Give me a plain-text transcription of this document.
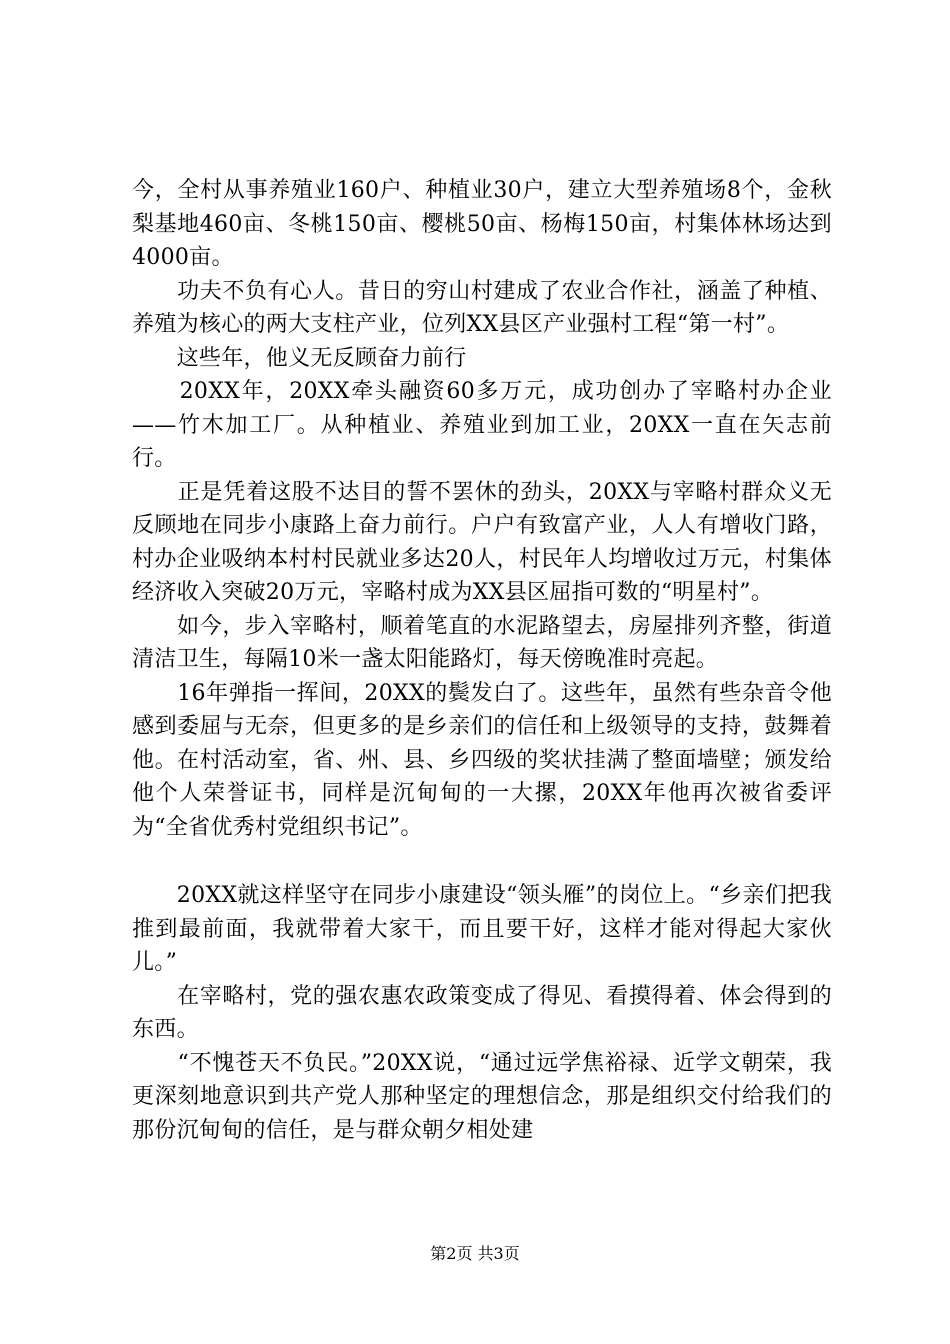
今，全村从事养殖业160户、种植业30户，建立大型养殖场8个，金秋梨基地460亩、冬桃150亩、樱桃50亩、杨梅150亩，村集体林场达到4000亩。

　　功夫不负有心人。昔日的穷山村建成了农业合作社，涵盖了种植、养殖为核心的两大支柱产业，位列XX县区产业强村工程“第一村”。

　　这些年，他义无反顾奋力前行

　　20XX年，20XX牵头融资60多万元，成功创办了宰略村办企业——竹木加工厂。从种植业、养殖业到加工业，20XX一直在矢志前行。

　　正是凭着这股不达目的誓不罢休的劲头，20XX与宰略村群众义无反顾地在同步小康路上奋力前行。户户有致富产业，人人有增收门路，村办企业吸纳本村村民就业多达20人，村民年人均增收过万元，村集体经济收入突破20万元，宰略村成为XX县区屈指可数的“明星村”。

　　如今，步入宰略村，顺着笔直的水泥路望去，房屋排列齐整，街道清洁卫生，每隔10米一盏太阳能路灯，每天傍晚准时亮起。

　　16年弹指一挥间，20XX的鬓发白了。这些年，虽然有些杂音令他感到委屈与无奈，但更多的是乡亲们的信任和上级领导的支持，鼓舞着他。在村活动室，省、州、县、乡四级的奖状挂满了整面墙壁；颁发给他个人荣誉证书，同样是沉甸甸的一大摞，20XX年他再次被省委评为“全省优秀村党组织书记”。

　　20XX就这样坚守在同步小康建设“领头雁”的岗位上。“乡亲们把我推到最前面，我就带着大家干，而且要干好，这样才能对得起大家伙儿。”

　　在宰略村，党的强农惠农政策变成了得见、看摸得着、体会得到的东西。

　　“不愧苍天不负民。”20XX说，“通过远学焦裕禄、近学文朝荣，我更深刻地意识到共产党人那种坚定的理想信念，那是组织交付给我们的那份沉甸甸的信任，是与群众朝夕相处建

第2页 共3页
